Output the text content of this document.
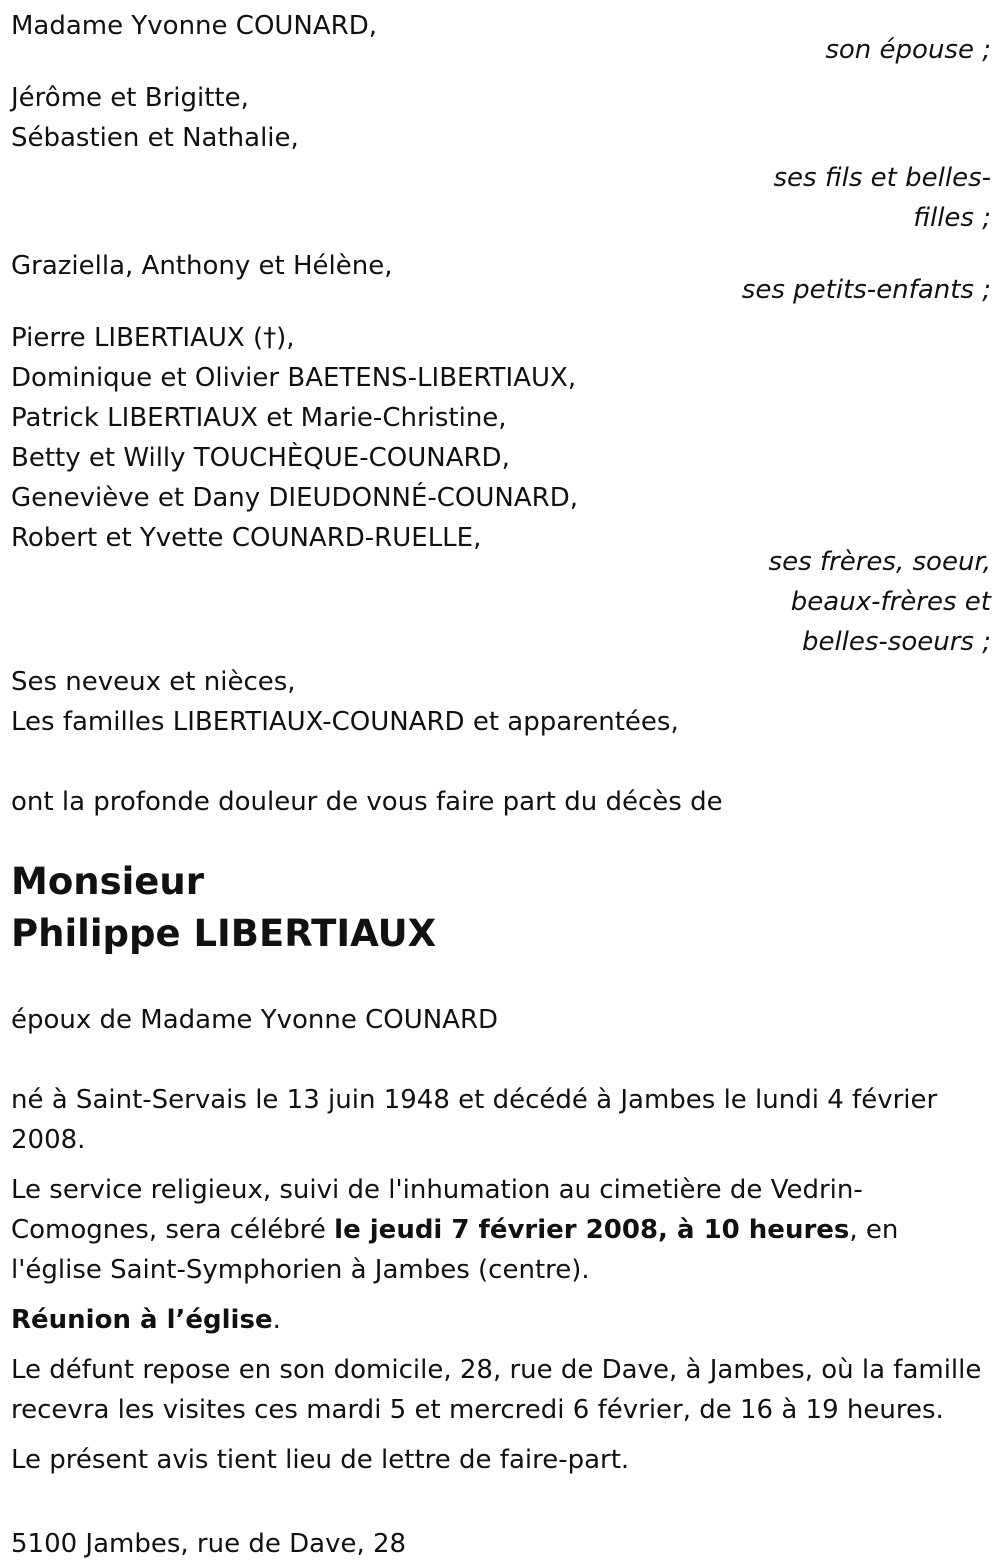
Madame Yvonne COUNARD,
son épouse ;
Jérôme et Brigitte,
Sébastien et Nathalie,
ses fils et belles-
filles ;
Graziella, Anthony et Hélène,
ses petits-enfants ;
Pierre LIBERTIAUX (†),
Dominique et Olivier BAETENS-LIBERTIAUX,
Patrick LIBERTIAUX et Marie-Christine,
Betty et Willy TOUCHÈQUE-COUNARD,
Geneviève et Dany DIEUDONNÉ-COUNARD,
Robert et Yvette COUNARD-RUELLE,
ses frères, soeur,
beaux-frères et
belles-soeurs ;
Ses neveux et nièces,
Les familles LIBERTIAUX-COUNARD et apparentées,
ont la profonde douleur de vous faire part du décès de
Monsieur
Philippe LIBERTIAUX
époux de Madame Yvonne COUNARD
né à Saint-Servais le 13 juin 1948 et décédé à Jambes le lundi 4 février 2008.
Le service religieux, suivi de l'inhumation au cimetière de Vedrin-Comognes, sera célébré le jeudi 7 février 2008, à 10 heures, en l'église Saint-Symphorien à Jambes (centre).
Réunion à l’église.
Le défunt repose en son domicile, 28, rue de Dave, à Jambes, où la famille recevra les visites ces mardi 5 et mercredi 6 février, de 16 à 19 heures.
Le présent avis tient lieu de lettre de faire-part.
5100 Jambes, rue de Dave, 28
